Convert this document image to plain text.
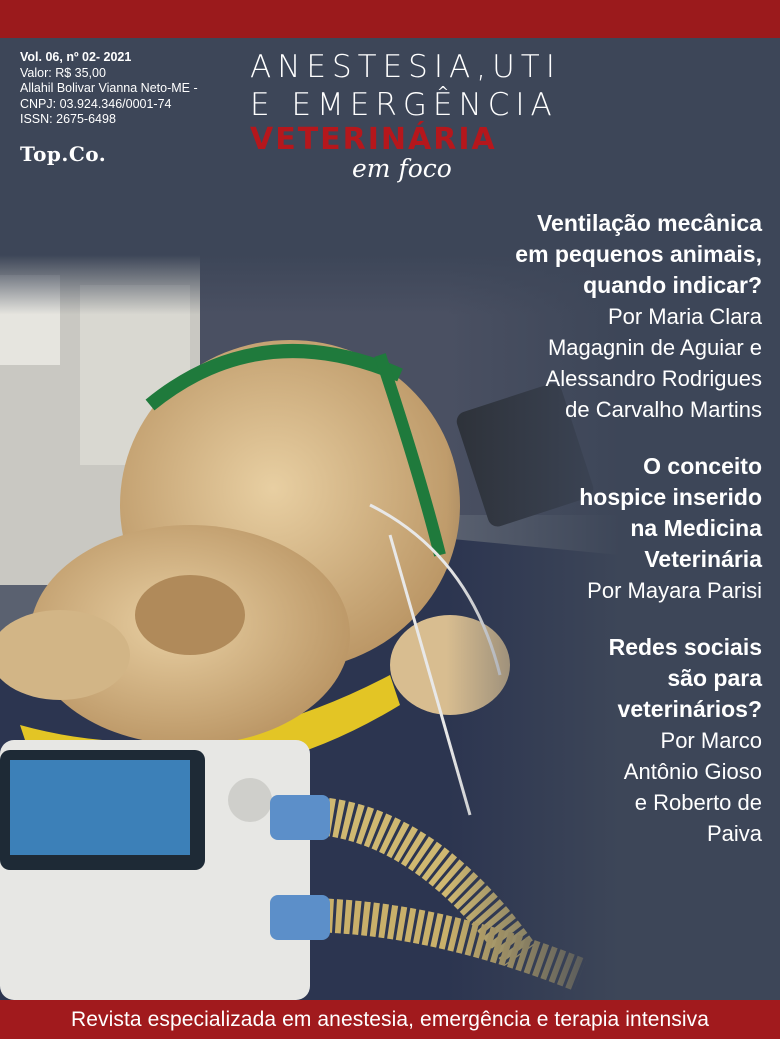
Vol. 06, nº 02- 2021
Valor: R$ 35,00
Allahil Bolivar Vianna Neto-ME -
CNPJ: 03.924.346/0001-74
ISSN: 2675-6498
Top.Co.
ANESTESIA,UTI
E EMERGÊNCIA
VETERINÁRIA
em foco
Ventilação mecânica
em pequenos animais,
quando indicar?
Por Maria Clara
Magagnin de Aguiar e
Alessandro Rodrigues
de Carvalho Martins
O conceito
hospice inserido
na Medicina
Veterinária
Por Mayara Parisi
Redes sociais
são para
veterinários?
Por Marco
Antônio Gioso
e Roberto de
Paiva
Revista especializada em anestesia, emergência e terapia intensiva
